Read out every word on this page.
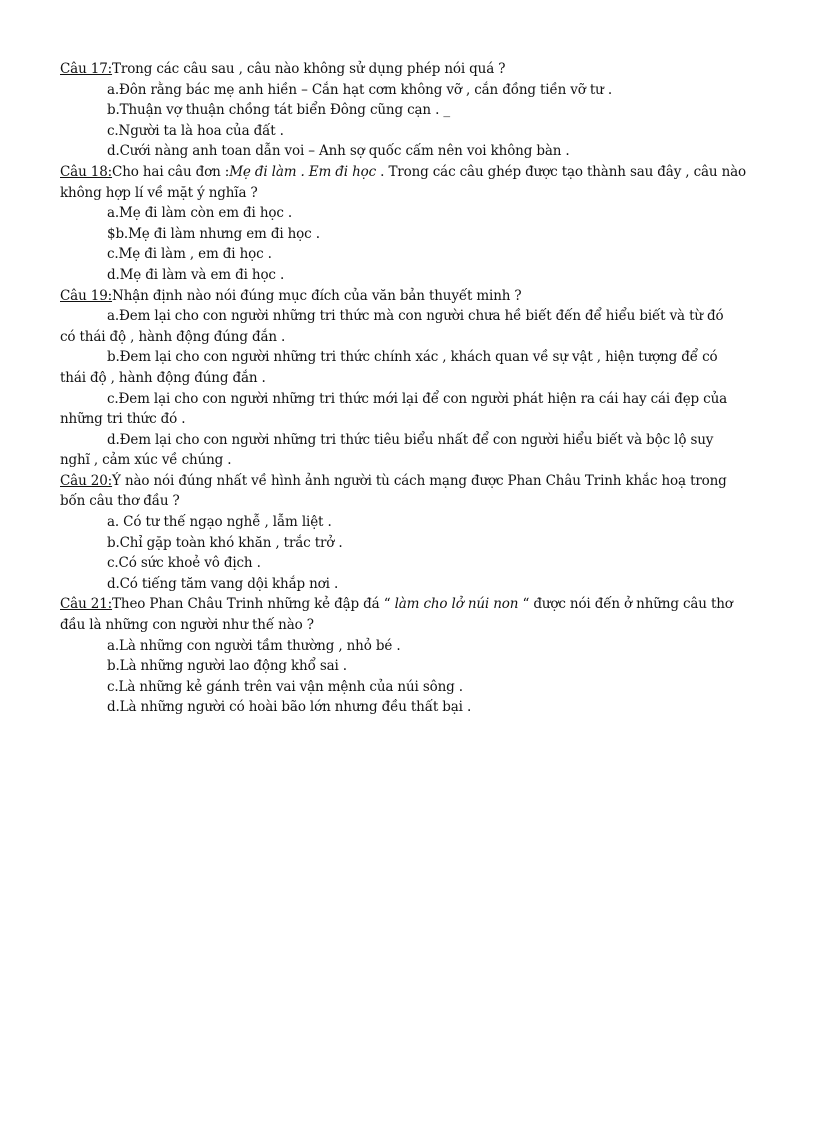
Câu 17:Trong các câu sau , câu nào không sử dụng phép nói quá ?
a.Đôn rằng bác mẹ anh hiền – Cắn hạt cơm không vỡ , cắn đồng tiền vỡ tư .
b.Thuận vợ thuận chồng tát biển Đông cũng cạn . _
c.Người ta là hoa của đất .
d.Cưới nàng anh toan dẫn voi – Anh sợ quốc cấm nên voi không bàn .
Câu 18:Cho hai câu đơn :Mẹ đi làm . Em đi học . Trong các câu ghép được tạo thành sau đây , câu nào
không hợp lí về mặt ý nghĩa ?
a.Mẹ đi làm còn em đi học .
$b.Mẹ đi làm nhưng em đi học .
c.Mẹ đi làm , em đi học .
d.Mẹ đi làm và em đi học .
Câu 19:Nhận định nào nói đúng mục đích của văn bản thuyết minh ?
a.Đem lại cho con người những tri thức mà con người chưa hề biết đến để hiểu biết và từ đó
có thái độ , hành động đúng đắn .
b.Đem lại cho con người những tri thức chính xác , khách quan về sự vật , hiện tượng để có
thái độ , hành động đúng đắn .
c.Đem lại cho con người những tri thức mới lại để con người phát hiện ra cái hay cái đẹp của
những tri thức đó .
d.Đem lại cho con người những tri thức tiêu biểu nhất để con người hiểu biết và bộc lộ suy
nghĩ , cảm xúc về chúng .
Câu 20:Ý nào nói đúng nhất về hình ảnh người tù cách mạng được Phan Châu Trinh khắc hoạ trong
bốn câu thơ đầu ?
a. Có tư thế ngạo nghễ , lẫm liệt .
b.Chỉ gặp toàn khó khăn , trắc trở .
c.Có sức khoẻ vô địch .
d.Có tiếng tăm vang dội khắp nơi .
Câu 21:Theo Phan Châu Trinh những kẻ đập đá “ làm cho lở núi non “ được nói đến ở những câu thơ
đầu là những con người như thế nào ?
a.Là những con người tầm thường , nhỏ bé .
b.Là những người lao động khổ sai .
c.Là những kẻ gánh trên vai vận mệnh của núi sông .
d.Là những người có hoài bão lớn nhưng đều thất bại .
